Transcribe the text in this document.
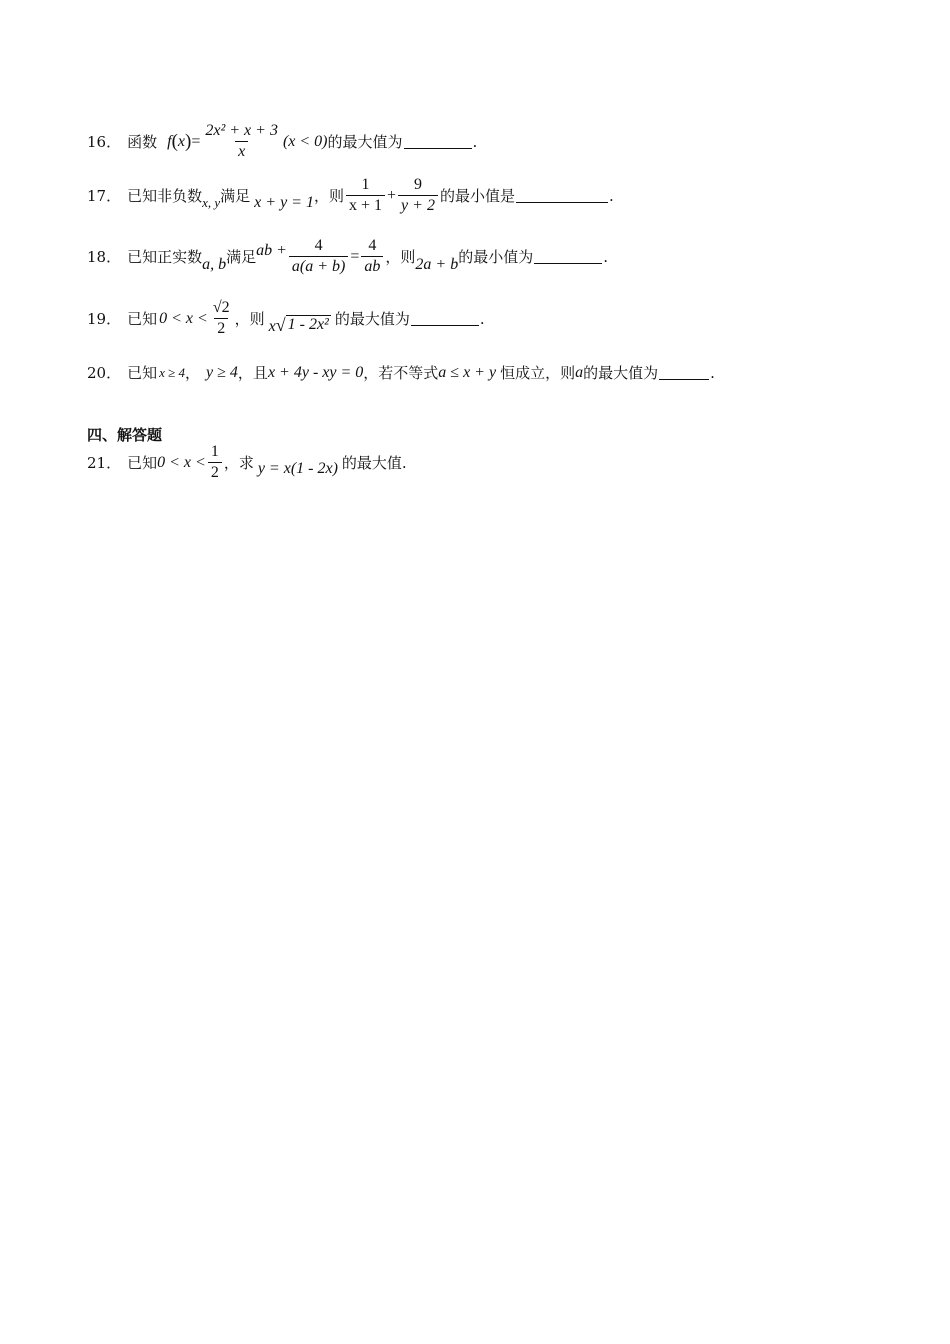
16． 函数 f ( x ) = $\frac{\text{2x² + x + 3}}{x} (x < 0)$ 的最大值为	.
17． 已知非负数 x, y 满足 x + y = 1 ，则 $\frac{1}{x + 1} + \frac{9}{y + 2}$ 的最小值是	.
18． 已知正实数 a, b 满足 ab + $\frac{4}{a(a + b)} = \frac{4}{ab}$ ，则 2a + b 的最小值为	.
19． 已知 $0 < x < \frac{√2}{2}$ ，则 x √ 1 - 2x² 的最大值为	.
20． 已知 x ≥ 4 ， y ≥ 4 ，且 x + 4y - xy = 0 ，若不等式 a ≤ x + y 恒成立，则 a 的最大值为	.
四、解答题
21． 已知 $0 < x < \frac{1}{2}$ ，求 y = x(1 - 2x) 的最大值.
